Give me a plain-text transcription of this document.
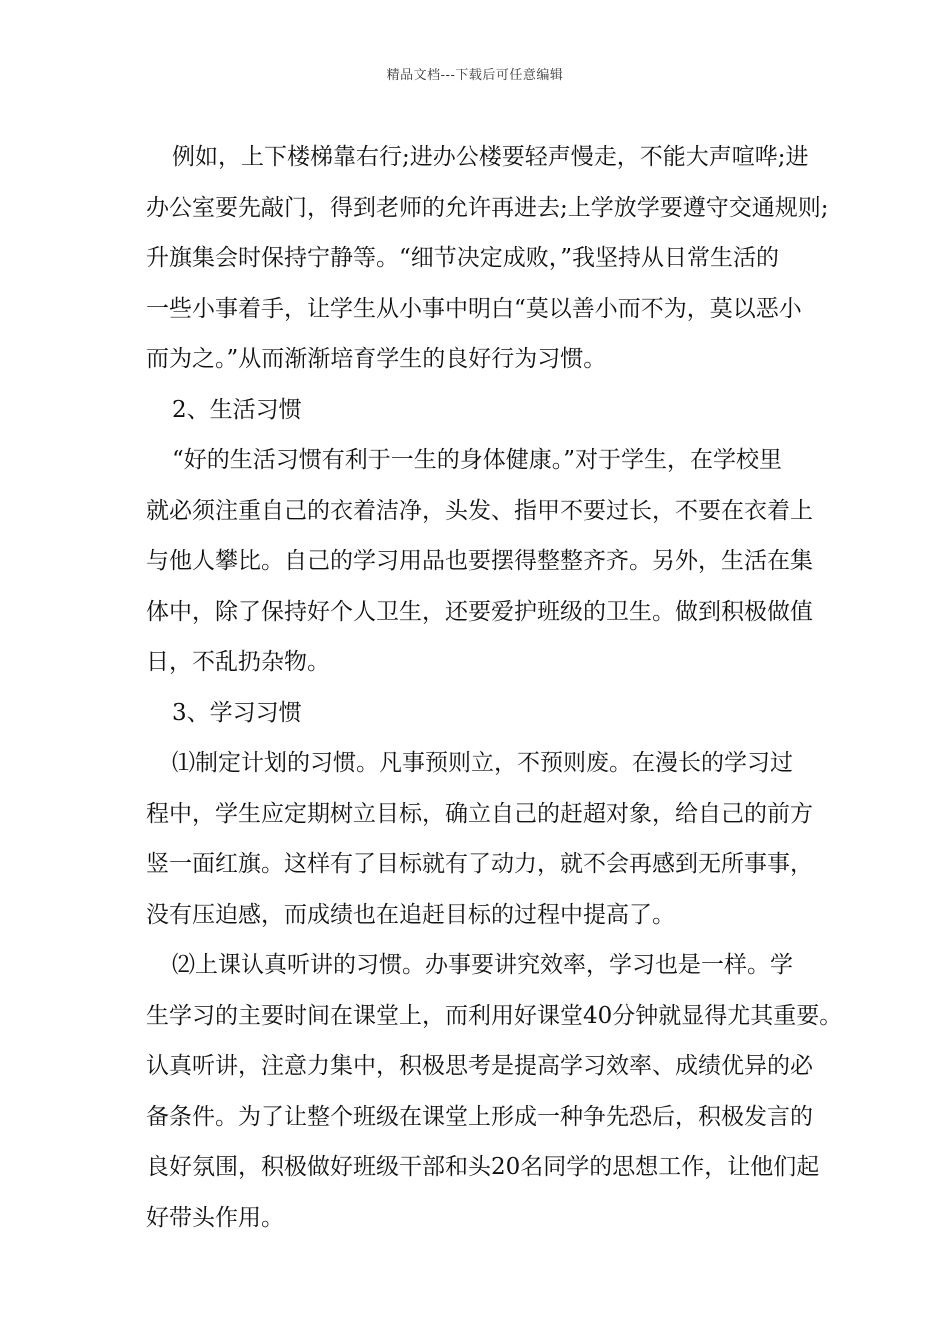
精品文档---下载后可任意编辑
例如，上下楼梯靠右行;进办公楼要轻声慢走，不能大声喧哗;进
办公室要先敲门，得到老师的允许再进去;上学放学要遵守交通规则;
升旗集会时保持宁静等。“细节决定成败，”我坚持从日常生活的
一些小事着手，让学生从小事中明白“莫以善小而不为，莫以恶小
而为之。”从而渐渐培育学生的良好行为习惯。
2、生活习惯
“好的生活习惯有利于一生的身体健康。”对于学生，在学校里
就必须注重自己的衣着洁净，头发、指甲不要过长，不要在衣着上
与他人攀比。自己的学习用品也要摆得整整齐齐。另外，生活在集
体中，除了保持好个人卫生，还要爱护班级的卫生。做到积极做值
日，不乱扔杂物。
3、学习习惯
⑴制定计划的习惯。凡事预则立，不预则废。在漫长的学习过
程中，学生应定期树立目标，确立自己的赶超对象，给自己的前方
竖一面红旗。这样有了目标就有了动力，就不会再感到无所事事，
没有压迫感，而成绩也在追赶目标的过程中提高了。
⑵上课认真听讲的习惯。办事要讲究效率，学习也是一样。学
生学习的主要时间在课堂上，而利用好课堂40分钟就显得尤其重要。
认真听讲，注意力集中，积极思考是提高学习效率、成绩优异的必
备条件。为了让整个班级在课堂上形成一种争先恐后，积极发言的
良好氛围，积极做好班级干部和头20名同学的思想工作，让他们起
好带头作用。
